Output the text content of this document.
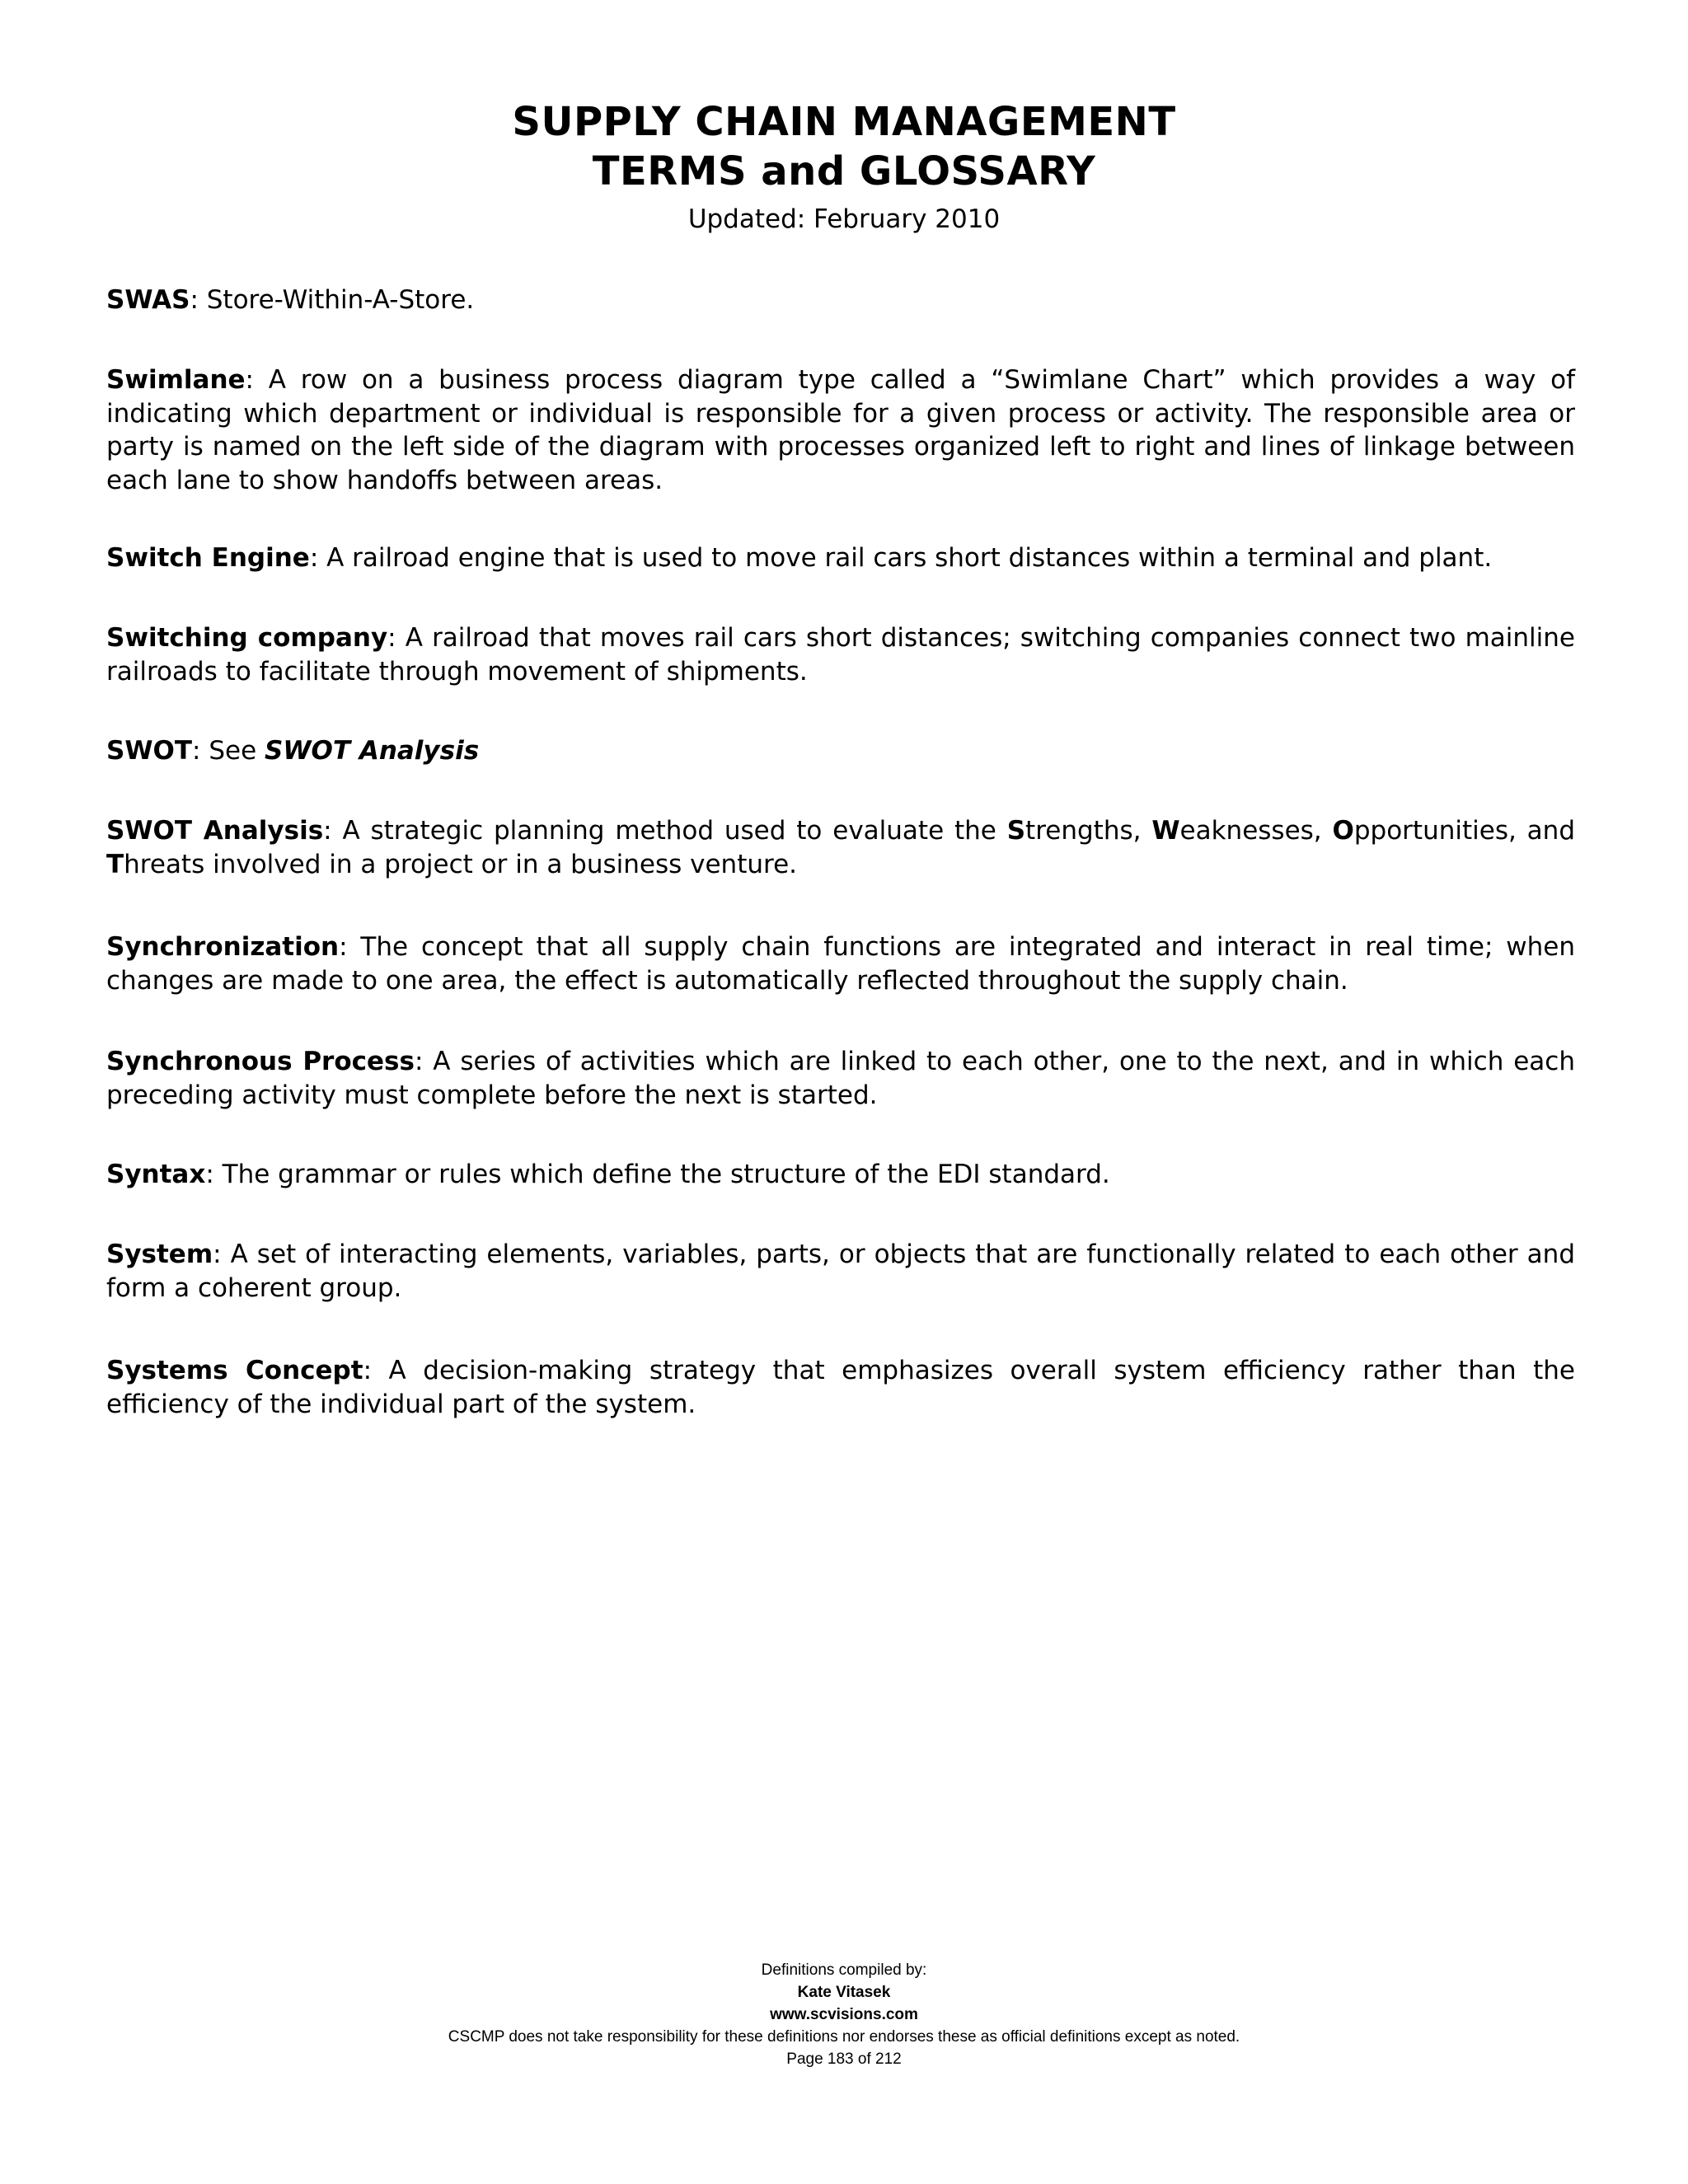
SUPPLY CHAIN MANAGEMENT
TERMS and GLOSSARY
Updated: February 2010

SWAS: Store-Within-A-Store.

Swimlane: A row on a business process diagram type called a “Swimlane Chart” which provides a way of indicating which department or individual is responsible for a given process or activity. The responsible area or party is named on the left side of the diagram with processes organized left to right and lines of linkage between each lane to show handoffs between areas.

Switch Engine: A railroad engine that is used to move rail cars short distances within a terminal and plant.

Switching company: A railroad that moves rail cars short distances; switching companies connect two mainline railroads to facilitate through movement of shipments.

SWOT: See SWOT Analysis

SWOT Analysis: A strategic planning method used to evaluate the Strengths, Weaknesses, Opportunities, and Threats involved in a project or in a business venture.

Synchronization: The concept that all supply chain functions are integrated and interact in real time; when changes are made to one area, the effect is automatically reflected throughout the supply chain.

Synchronous Process: A series of activities which are linked to each other, one to the next, and in which each preceding activity must complete before the next is started.

Syntax: The grammar or rules which define the structure of the EDI standard.

System: A set of interacting elements, variables, parts, or objects that are functionally related to each other and form a coherent group.

Systems Concept: A decision-making strategy that emphasizes overall system efficiency rather than the efficiency of the individual part of the system.

Definitions compiled by:
Kate Vitasek
www.scvisions.com
CSCMP does not take responsibility for these definitions nor endorses these as official definitions except as noted.
Page 183 of 212
